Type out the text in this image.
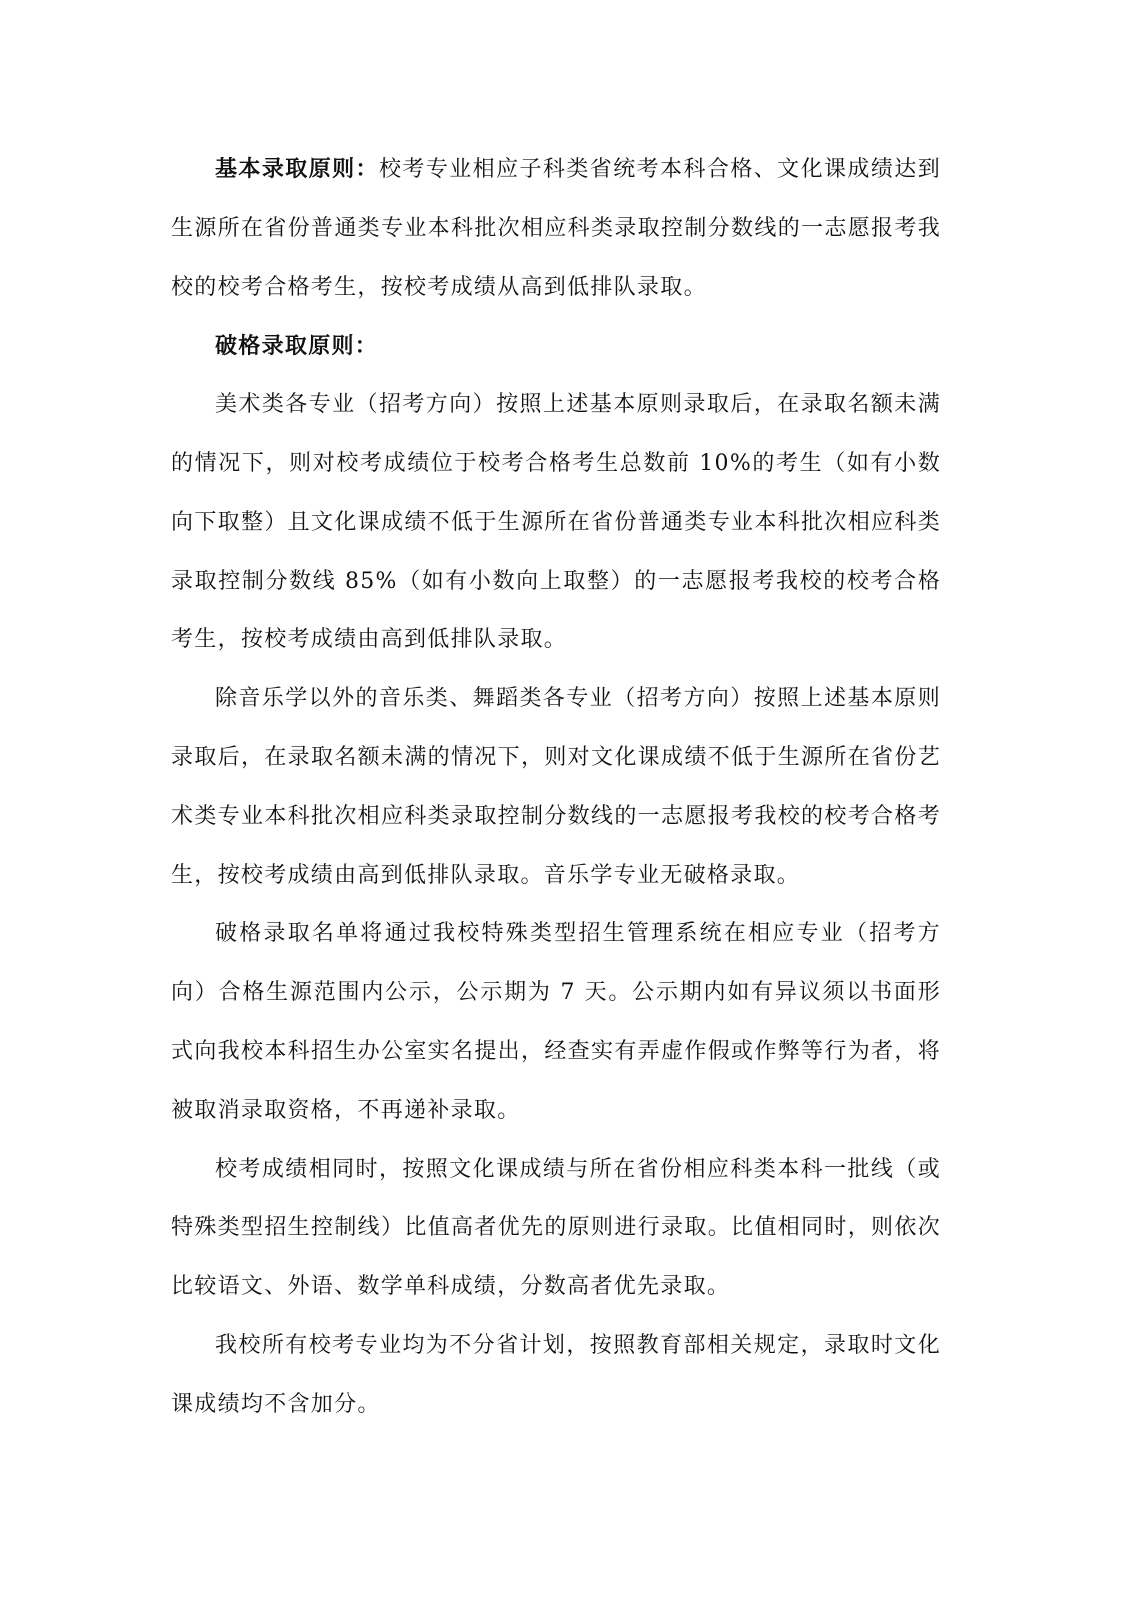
基本录取原则：校考专业相应子科类省统考本科合格、文化课成绩达到生源所在省份普通类专业本科批次相应科类录取控制分数线的一志愿报考我校的校考合格考生，按校考成绩从高到低排队录取。

破格录取原则：

美术类各专业（招考方向）按照上述基本原则录取后，在录取名额未满的情况下，则对校考成绩位于校考合格考生总数前 10%的考生（如有小数向下取整）且文化课成绩不低于生源所在省份普通类专业本科批次相应科类录取控制分数线 85%（如有小数向上取整）的一志愿报考我校的校考合格考生，按校考成绩由高到低排队录取。

除音乐学以外的音乐类、舞蹈类各专业（招考方向）按照上述基本原则录取后，在录取名额未满的情况下，则对文化课成绩不低于生源所在省份艺术类专业本科批次相应科类录取控制分数线的一志愿报考我校的校考合格考生，按校考成绩由高到低排队录取。音乐学专业无破格录取。

破格录取名单将通过我校特殊类型招生管理系统在相应专业（招考方向）合格生源范围内公示，公示期为 7 天。公示期内如有异议须以书面形式向我校本科招生办公室实名提出，经查实有弄虚作假或作弊等行为者，将被取消录取资格，不再递补录取。

校考成绩相同时，按照文化课成绩与所在省份相应科类本科一批线（或特殊类型招生控制线）比值高者优先的原则进行录取。比值相同时，则依次比较语文、外语、数学单科成绩，分数高者优先录取。

我校所有校考专业均为不分省计划，按照教育部相关规定，录取时文化课成绩均不含加分。
